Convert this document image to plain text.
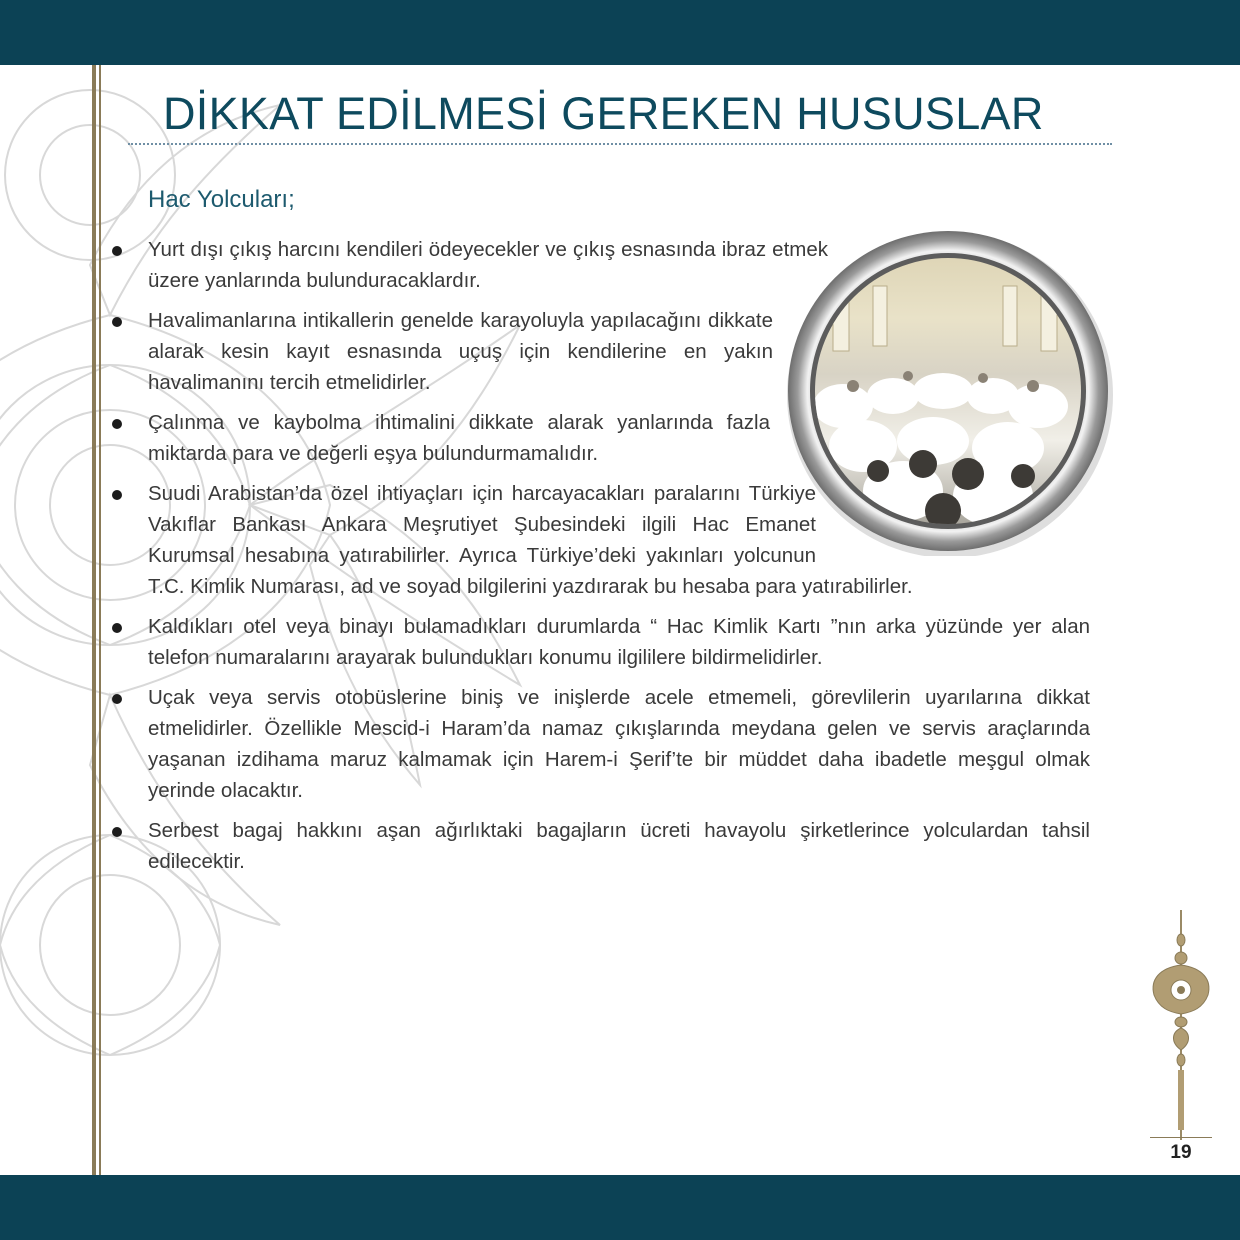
DİKKAT EDİLMESİ GEREKEN HUSUSLAR
Hac Yolcuları;
Yurt dışı çıkış harcını kendileri ödeyecekler ve çıkış esnasında ibraz etmek üzere yanlarında bulunduracaklardır.
Havalimanlarına intikallerin genelde karayoluyla yapılacağını dikkate alarak kesin kayıt esnasında uçuş için kendilerine en yakın havalimanını tercih etmelidirler.
Çalınma ve kaybolma ihtimalini dikkate alarak yanlarında fazla miktarda para ve değerli eşya bulundurmamalıdır.
Suudi Arabistan’da özel ihtiyaçları için harcayacakları paralarını Türkiye Vakıflar Bankası Ankara Meşrutiyet Şubesindeki ilgili Hac Emanet Kurumsal hesabına yatırabilirler. Ayrıca Türkiye’deki yakınları yolcunun T.C. Kimlik Numarası, ad ve soyad bilgilerini yazdırarak bu hesaba para yatırabilirler.
Kaldıkları otel veya binayı bulamadıkları durumlarda “ Hac Kimlik Kartı ”nın arka yüzünde yer alan telefon numaralarını arayarak bulundukları konumu ilgililere bildirmelidirler.
Uçak veya servis otobüslerine biniş ve inişlerde acele etmemeli, görevlilerin uyarılarına dikkat etmelidirler. Özellikle Mescid-i Haram’da namaz çıkışlarında meydana gelen ve servis araçlarında yaşanan izdihama maruz kalmamak için Harem-i Şerif’te bir müddet daha ibadetle meşgul olmak yerinde olacaktır.
Serbest bagaj hakkını aşan ağırlıktaki bagajların ücreti havayolu şirketlerince yolculardan tahsil edilecektir.
19
